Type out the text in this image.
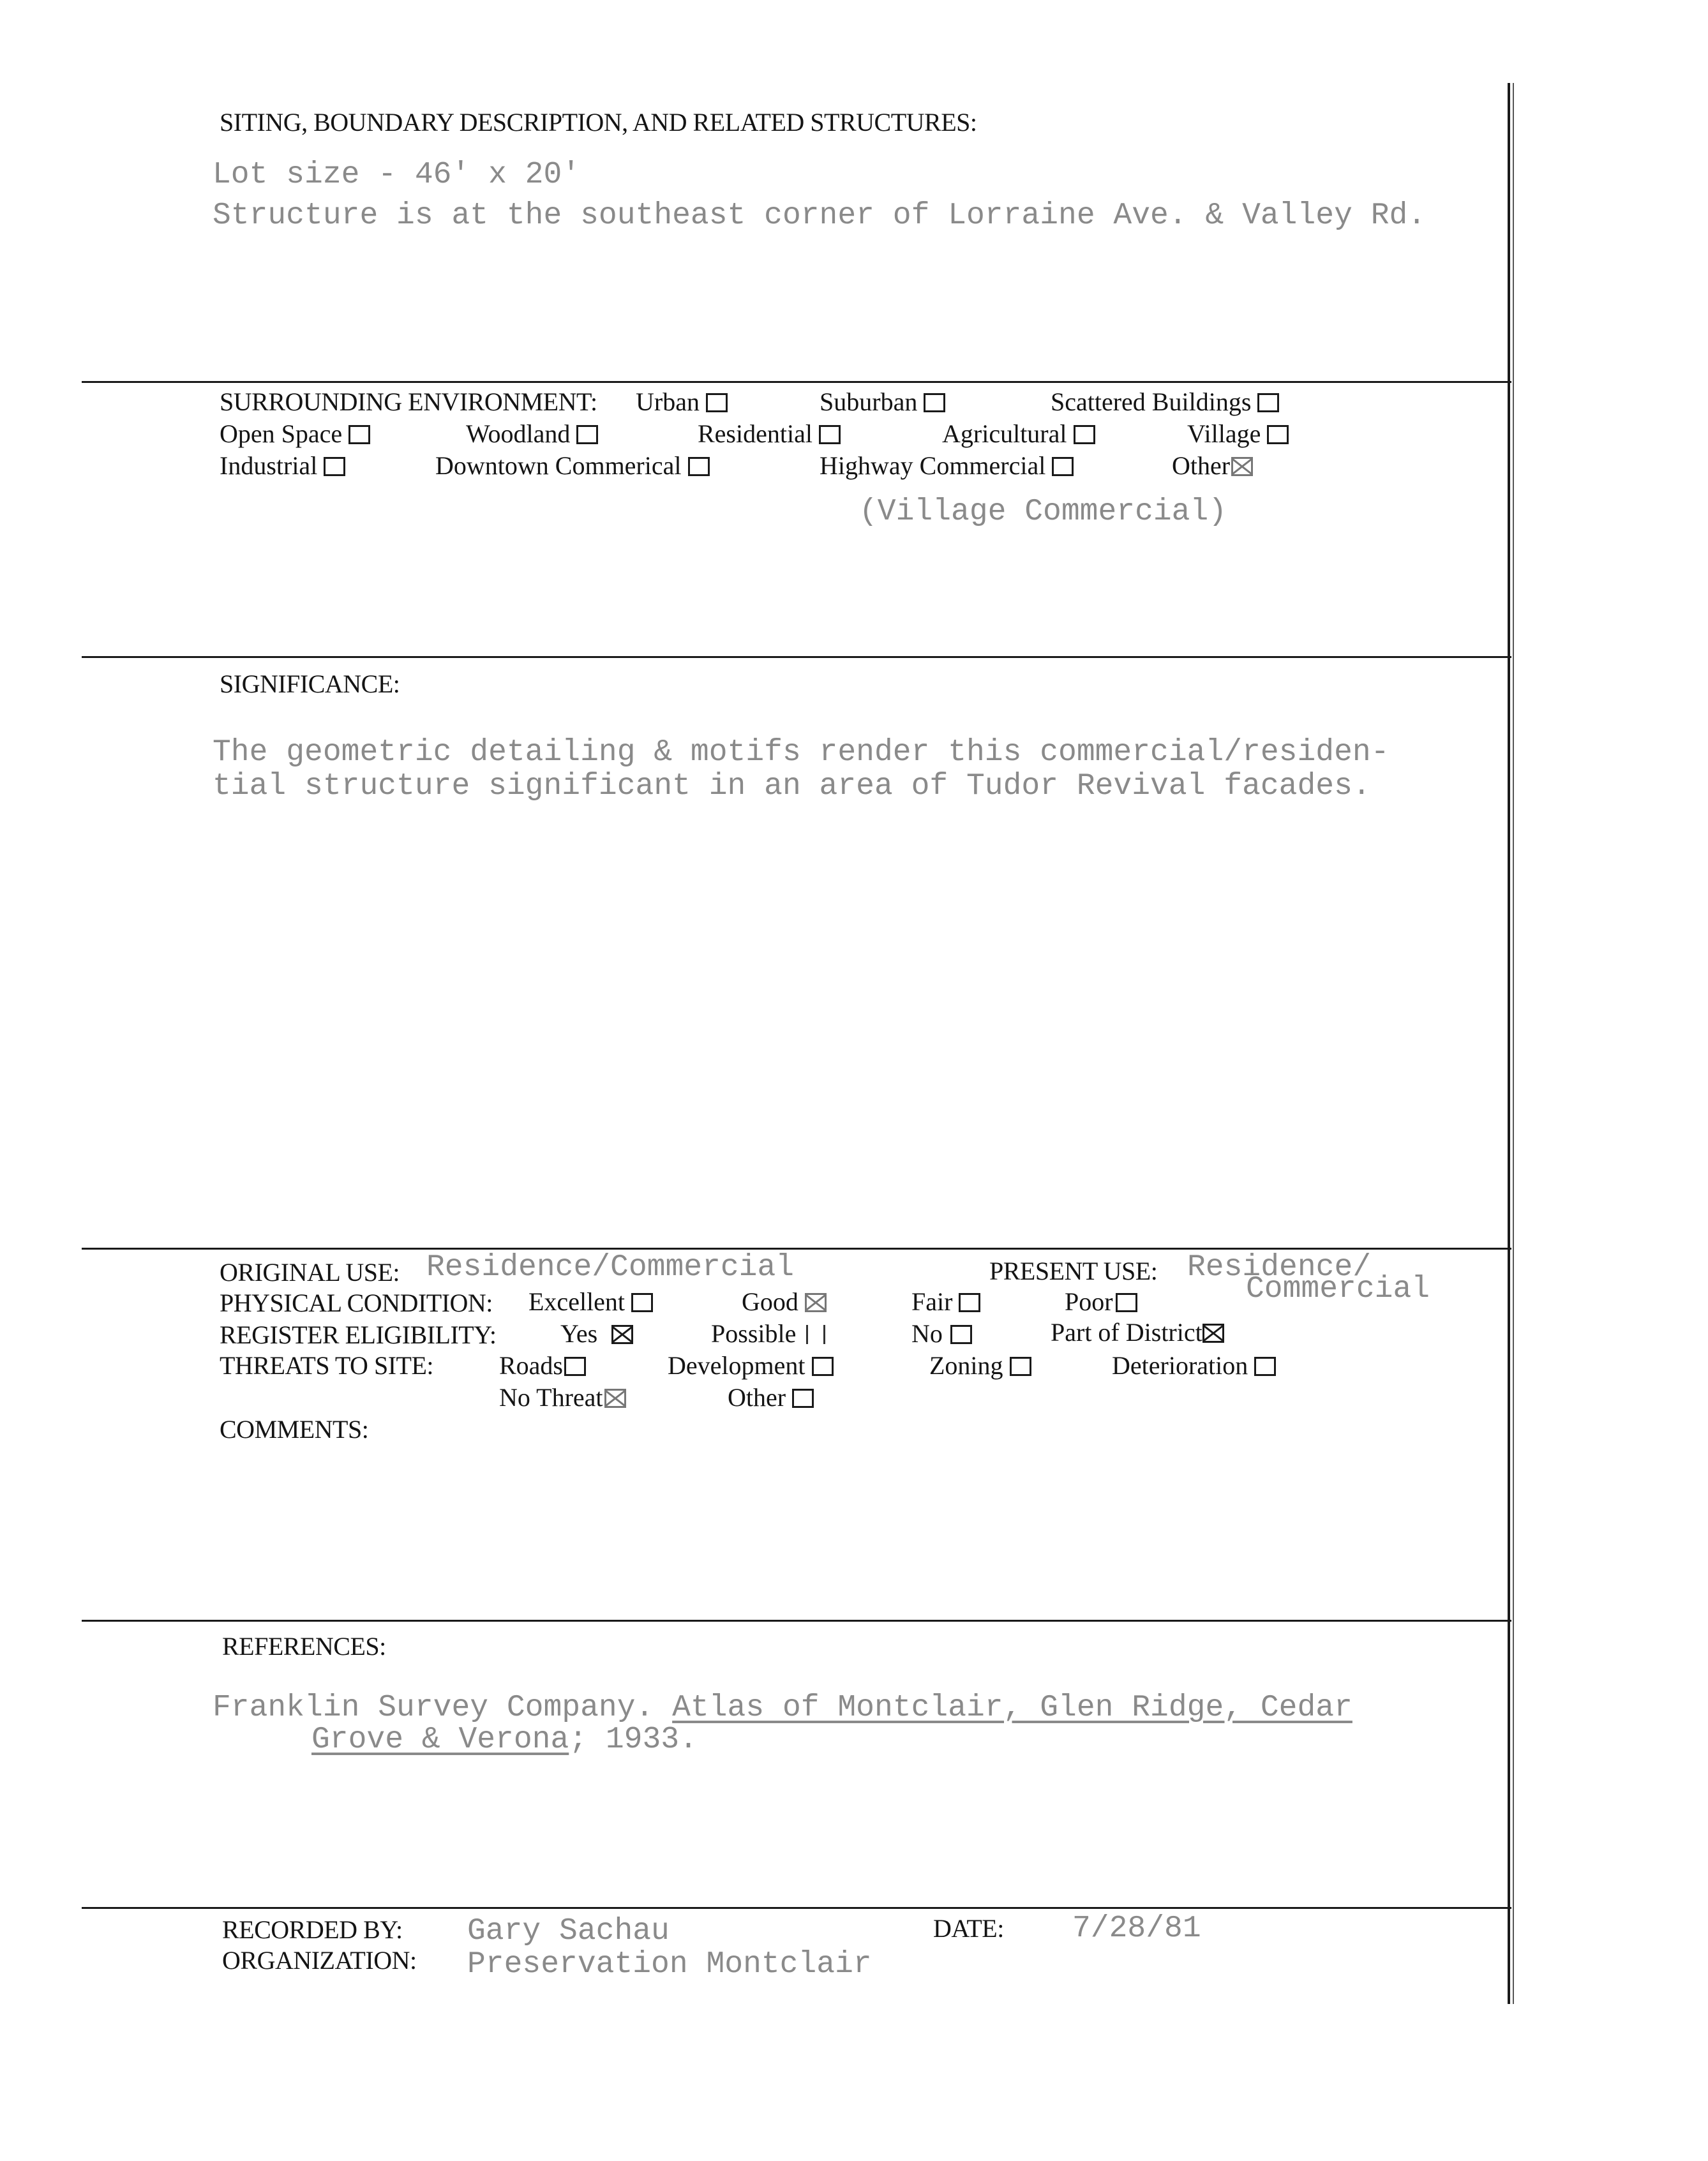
SITING, BOUNDARY DESCRIPTION, AND RELATED STRUCTURES:
Lot size - 46' x 20'
Structure is at the southeast corner of Lorraine Ave. & Valley Rd.
SURROUNDING ENVIRONMENT: Urban	Suburban	Scattered Buildings
Open Space	Woodland	Residential	Agricultural	Village
Industrial	Downtown Commerical	Highway Commercial	Other
(Village Commercial)
SIGNIFICANCE:
The geometric detailing & motifs render this commercial/residen-
tial structure significant in an area of Tudor Revival facades.
ORIGINAL USE: Residence/Commercial	PRESENT USE: Residence/
Commercial
PHYSICAL CONDITION: Excellent	Good	Fair	Poor
REGISTER ELIGIBILITY:	Yes	Possible	No	Part of District
THREATS TO SITE:	Roads	Development	Zoning	Deterioration
No Threat	Other
COMMENTS:
REFERENCES:
Franklin Survey Company. Atlas of Montclair, Glen Ridge, Cedar
Grove & Verona; 1933.
RECORDED BY: Gary Sachau	DATE: 7/28/81
ORGANIZATION: Preservation Montclair
